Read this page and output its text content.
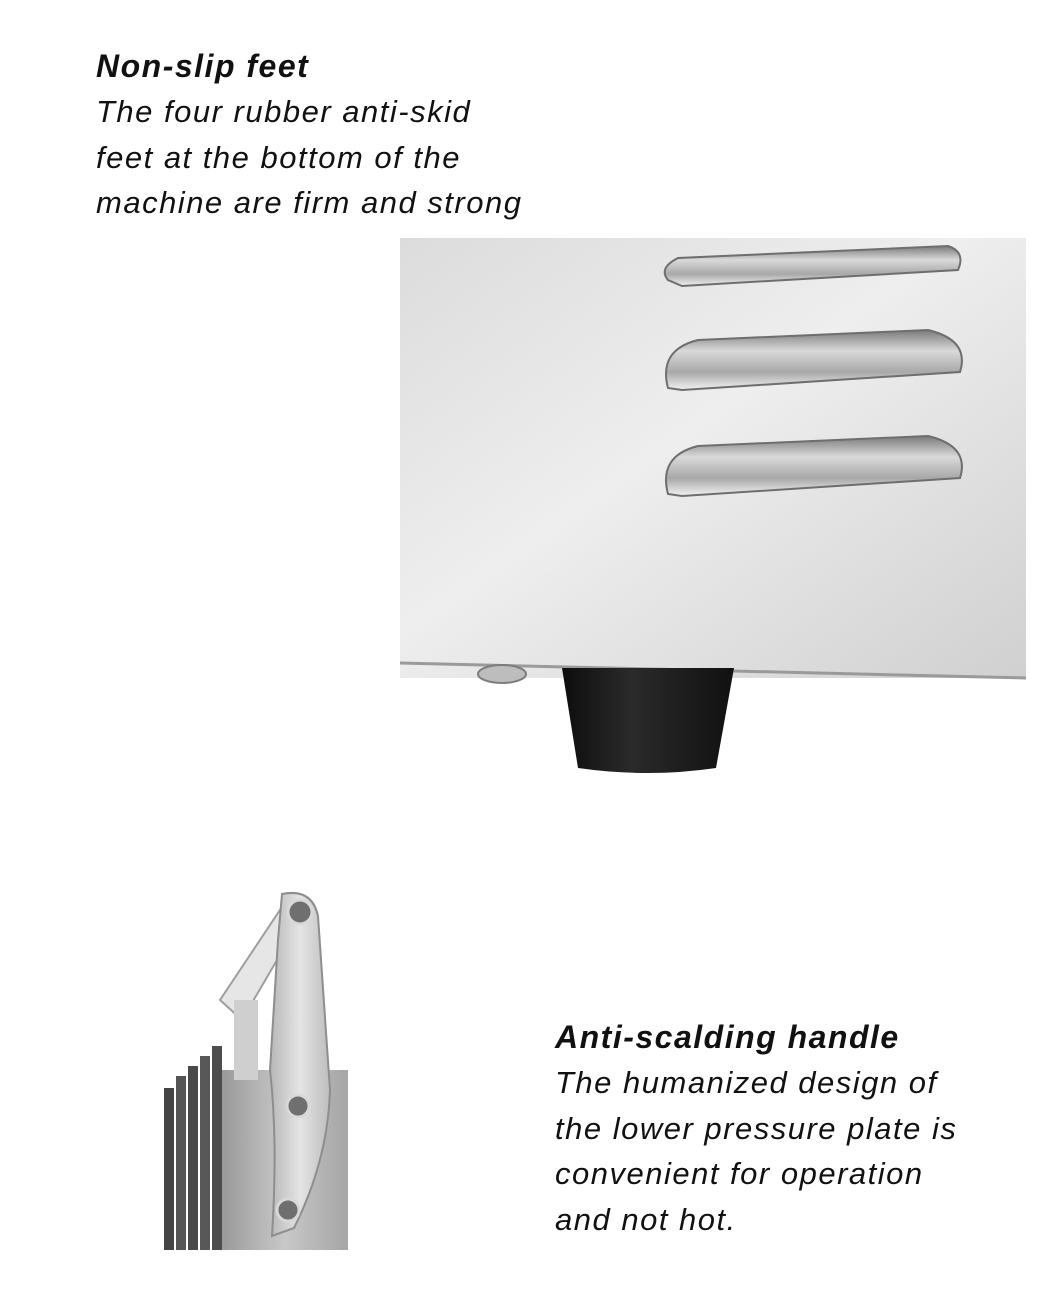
Non-slip feet

The four rubber anti-skid

feet at the bottom of the

machine are firm and strong

Anti-scalding handle

The humanized design of

the lower pressure plate is

convenient for operation

and not hot.
